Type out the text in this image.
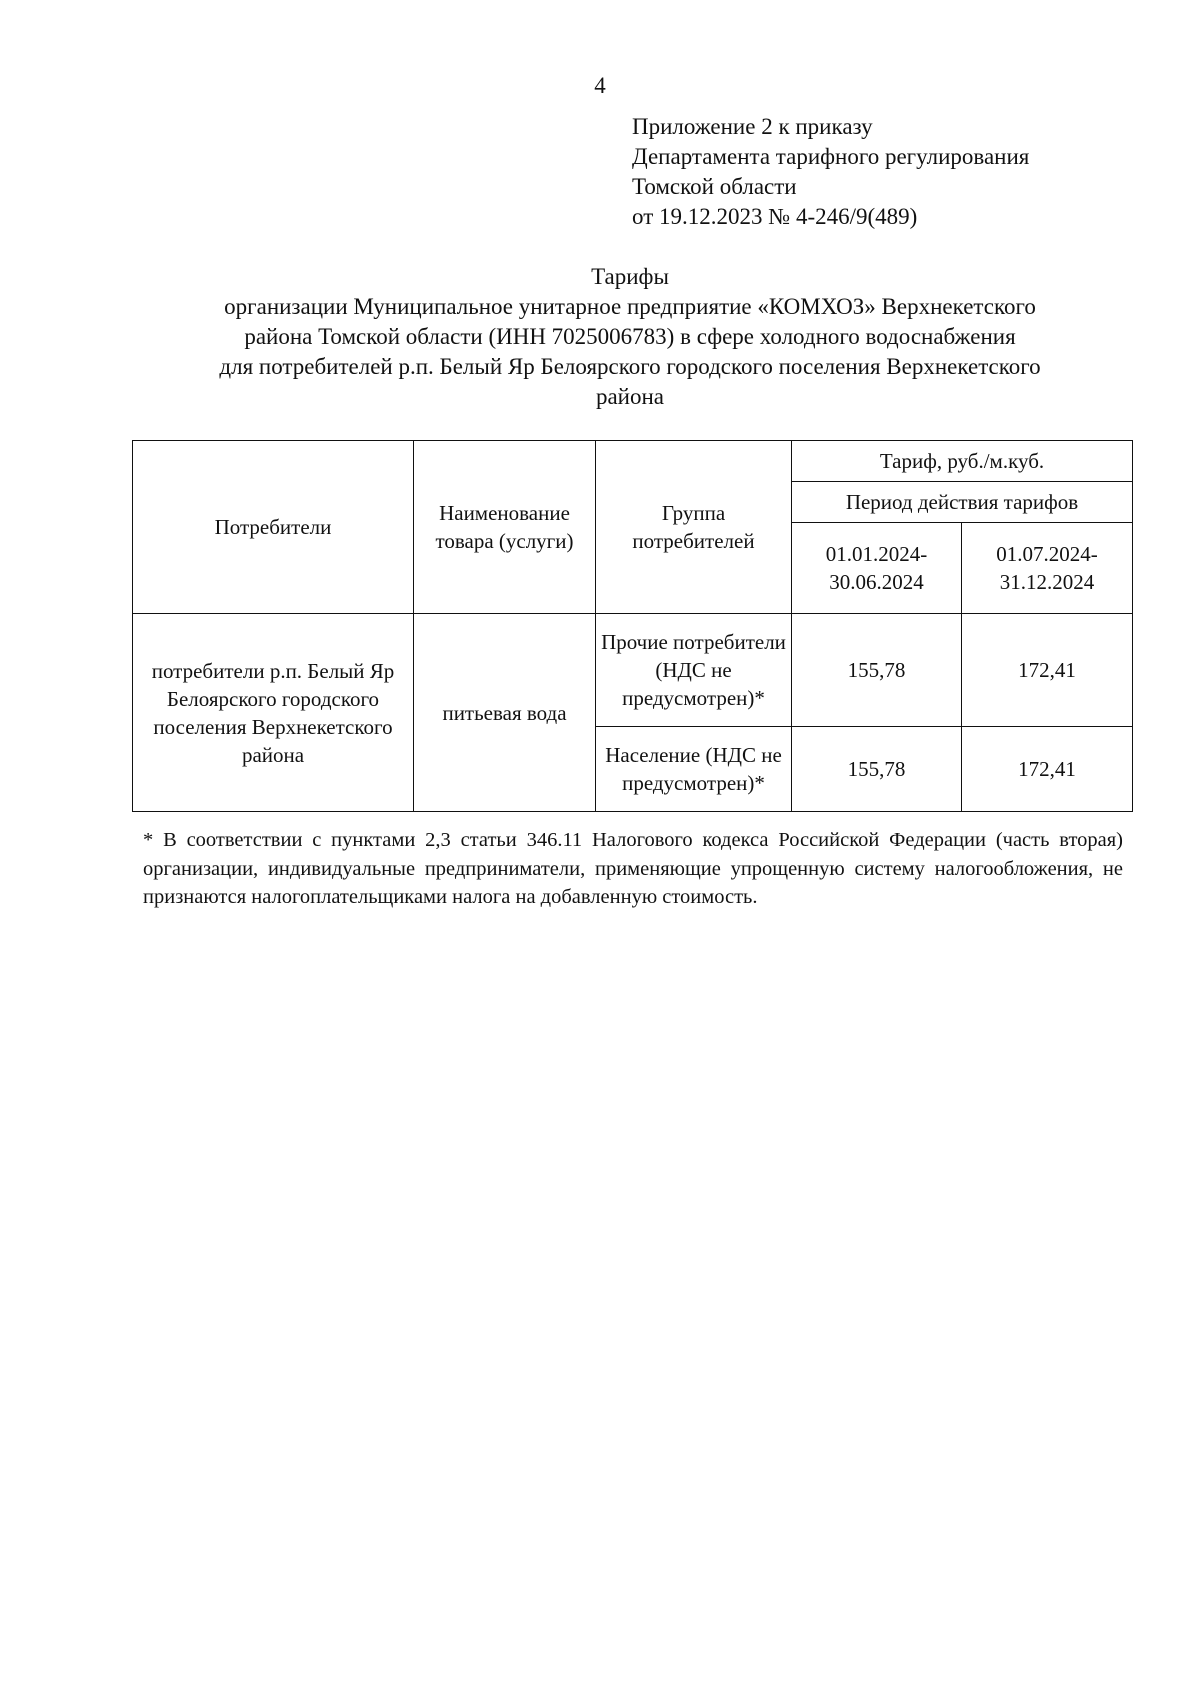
4
Приложение 2 к приказу
Департамента тарифного регулирования
Томской области
от 19.12.2023 № 4-246/9(489)
Тарифы
организации Муниципальное унитарное предприятие «КОМХОЗ» Верхнекетского
района Томской области (ИНН 7025006783) в сфере холодного водоснабжения
для потребителей р.п. Белый Яр Белоярского городского поселения Верхнекетского
района
Потребители	Наименование товара (услуги)	Группа потребителей	Тариф, руб./м.куб.	
			Период действия тарифов	
			01.01.2024-30.06.2024	01.07.2024-31.12.2024
потребители р.п. Белый Яр Белоярского городского поселения Верхнекетского района	питьевая вода	Прочие потребители (НДС не предусмотрен)*	155,78	172,41
		Население (НДС не предусмотрен)*	155,78	172,41
* В соответствии с пунктами 2,3 статьи 346.11 Налогового кодекса Российской Федерации (часть вторая) организации, индивидуальные предприниматели, применяющие упрощенную систему налогообложения, не признаются налогоплательщиками налога на добавленную стоимость.
